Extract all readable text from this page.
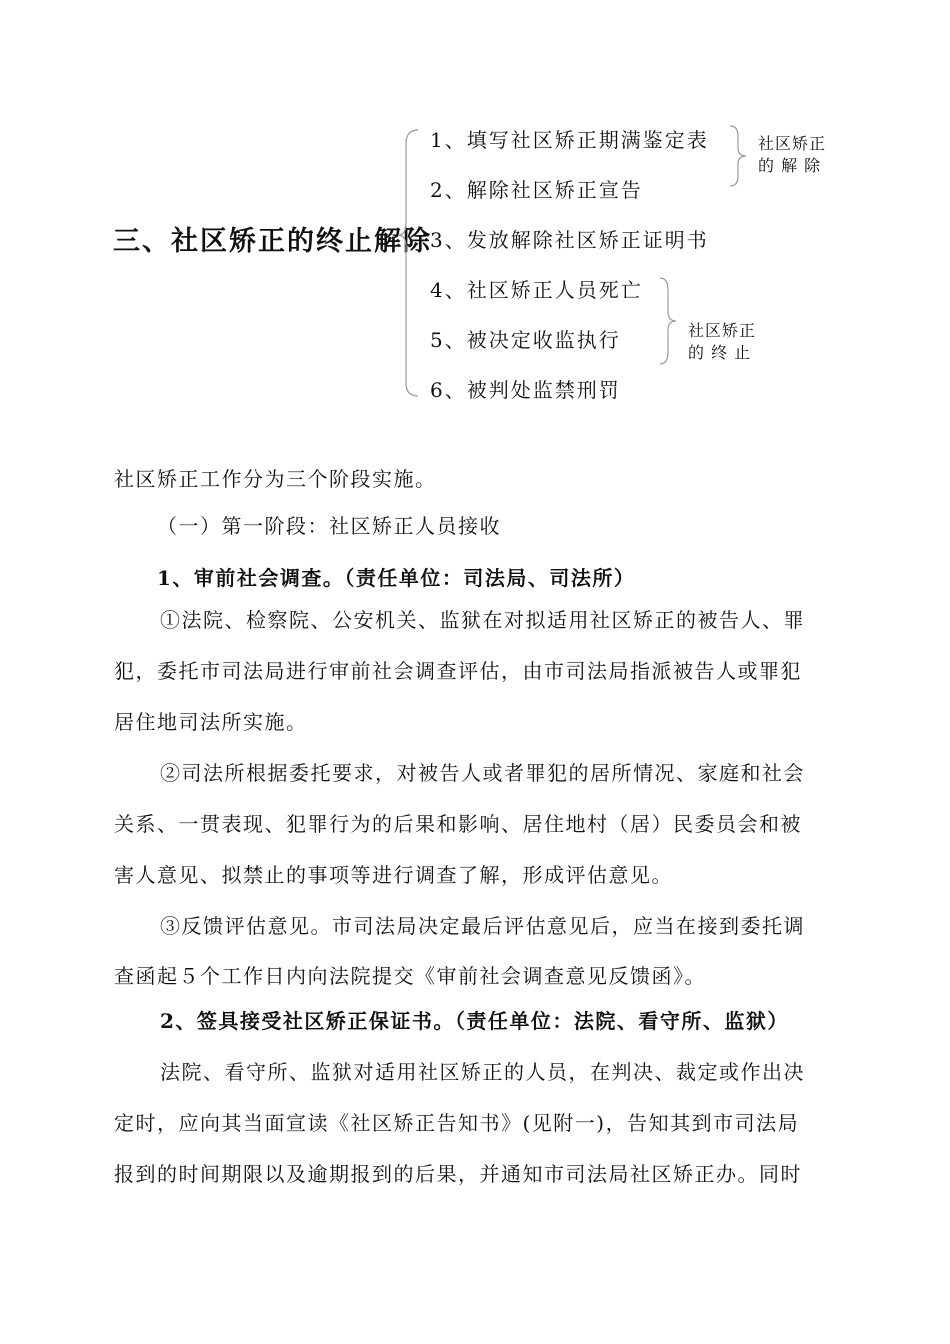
三、社区矫正的终止解除
1、填写社区矫正期满鉴定表
2、解除社区矫正宣告
3、发放解除社区矫正证明书
4、社区矫正人员死亡
5、被决定收监执行
6、被判处监禁刑罚
社区矫正
的 解 除
社区矫正
的 终 止
社区矫正工作分为三个阶段实施。
（一）第一阶段：社区矫正人员接收
1、审前社会调查。（责任单位：司法局、司法所）
①法院、检察院、公安机关、监狱在对拟适用社区矫正的被告人、罪
犯，委托市司法局进行审前社会调查评估，由市司法局指派被告人或罪犯
居住地司法所实施。
②司法所根据委托要求，对被告人或者罪犯的居所情况、家庭和社会
关系、一贯表现、犯罪行为的后果和影响、居住地村（居）民委员会和被
害人意见、拟禁止的事项等进行调查了解，形成评估意见。
③反馈评估意见。市司法局决定最后评估意见后，应当在接到委托调
查函起５个工作日内向法院提交《审前社会调查意见反馈函》。
2、签具接受社区矫正保证书。（责任单位：法院、看守所、监狱）
法院、看守所、监狱对适用社区矫正的人员，在判决、裁定或作出决
定时，应向其当面宣读《社区矫正告知书》(见附一)，告知其到市司法局
报到的时间期限以及逾期报到的后果，并通知市司法局社区矫正办。同时
